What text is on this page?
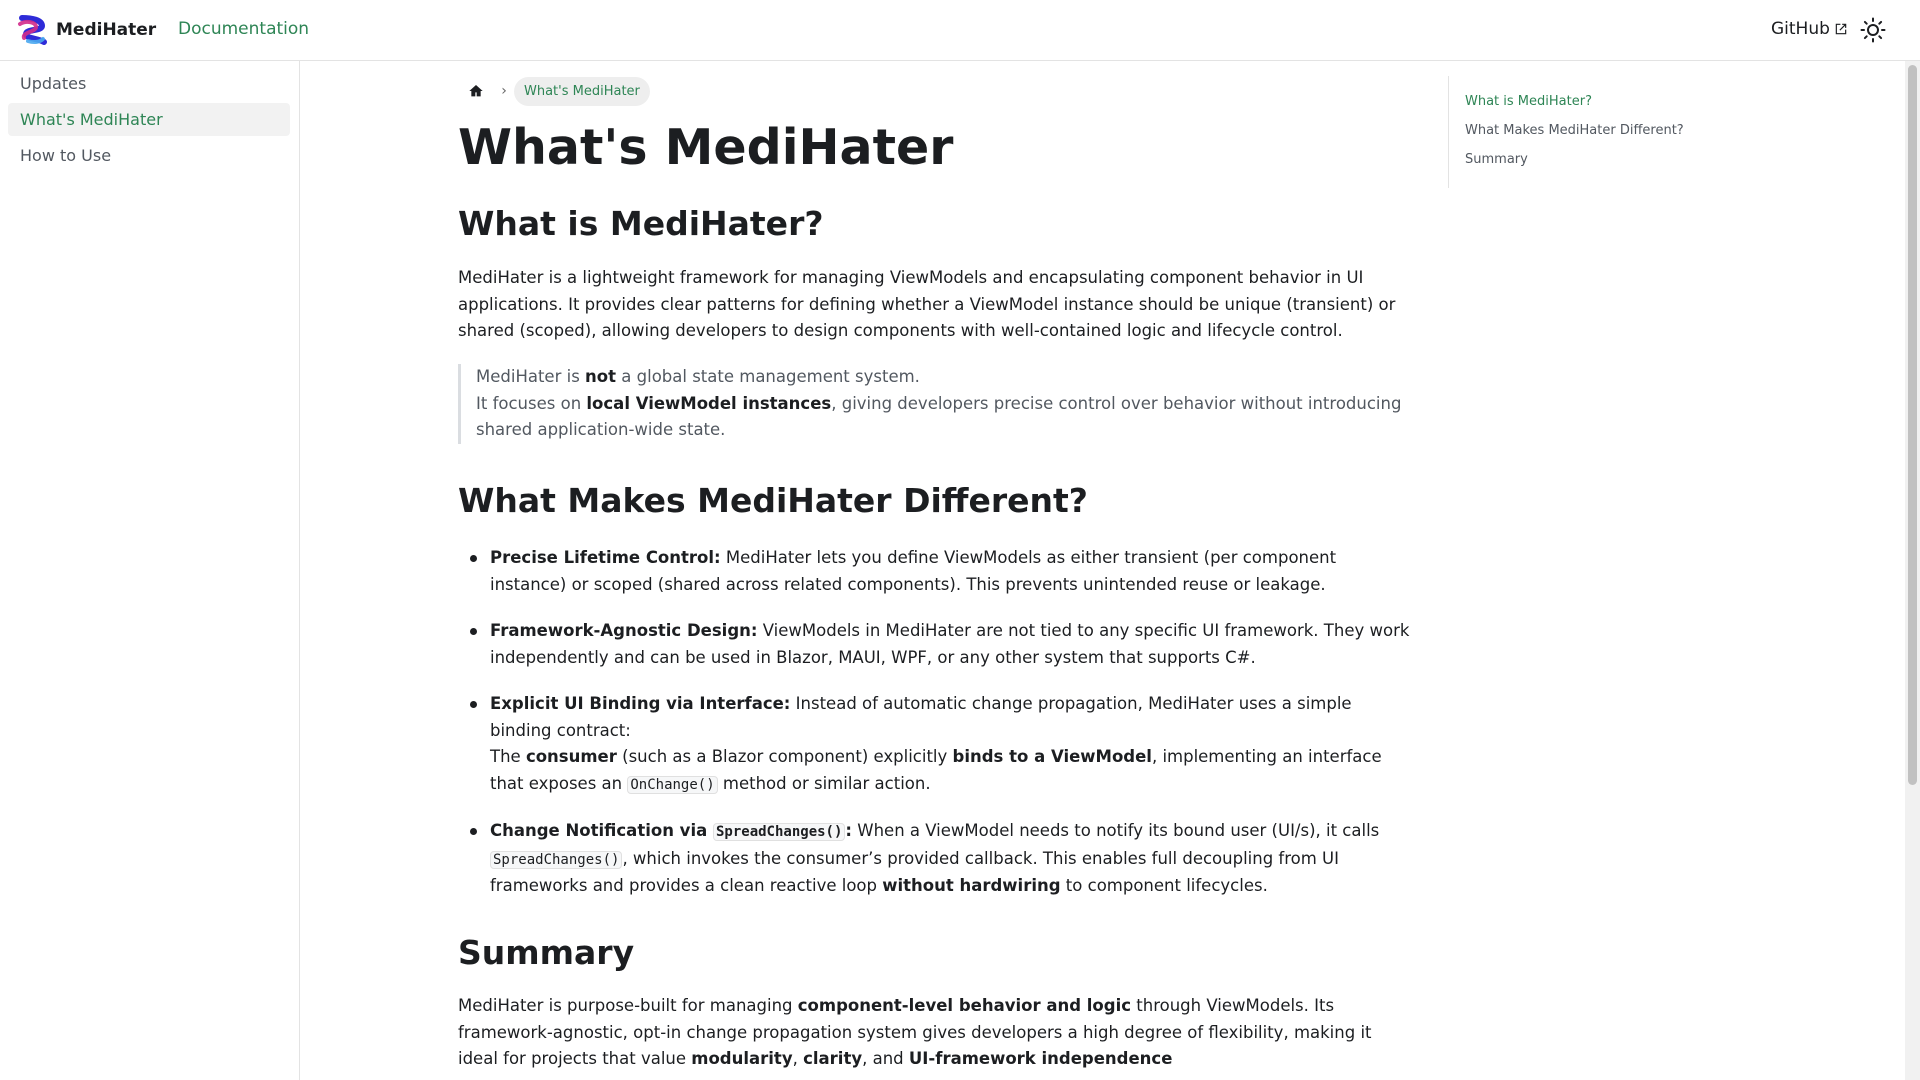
MediHater Documentation	GitHub
Updates
What's MediHater
How to Use
›	What's MediHater
What's MediHater
What is MediHater?

MediHater is a lightweight framework for managing ViewModels and encapsulating component behavior in UI applications. It provides clear patterns for defining whether a ViewModel instance should be unique (transient) or shared (scoped), allowing developers to design components with well-contained logic and lifecycle control.

MediHater is not a global state management system.
It focuses on local ViewModel instances, giving developers precise control over behavior without introducing shared application-wide state.
What Makes MediHater Different?
Precise Lifetime Control: MediHater lets you define ViewModels as either transient (per component instance) or scoped (shared across related components). This prevents unintended reuse or leakage.
Framework-Agnostic Design: ViewModels in MediHater are not tied to any specific UI framework. They work independently and can be used in Blazor, MAUI, WPF, or any other system that supports C#.
Explicit UI Binding via Interface: Instead of automatic change propagation, MediHater uses a simple binding contract:
The consumer (such as a Blazor component) explicitly binds to a ViewModel, implementing an interface that exposes an OnChange() method or similar action.
Change Notification via SpreadChanges() : When a ViewModel needs to notify its bound user (UI/s), it calls SpreadChanges() , which invokes the consumer’s provided callback. This enables full decoupling from UI frameworks and provides a clean reactive loop without hardwiring to component lifecycles.
Summary

MediHater is purpose-built for managing component-level behavior and logic through ViewModels. Its framework-agnostic, opt-in change propagation system gives developers a high degree of flexibility, making it ideal for projects that value modularity, clarity, and UI-framework independence

What is MediHater?
What Makes MediHater Different?
Summary
